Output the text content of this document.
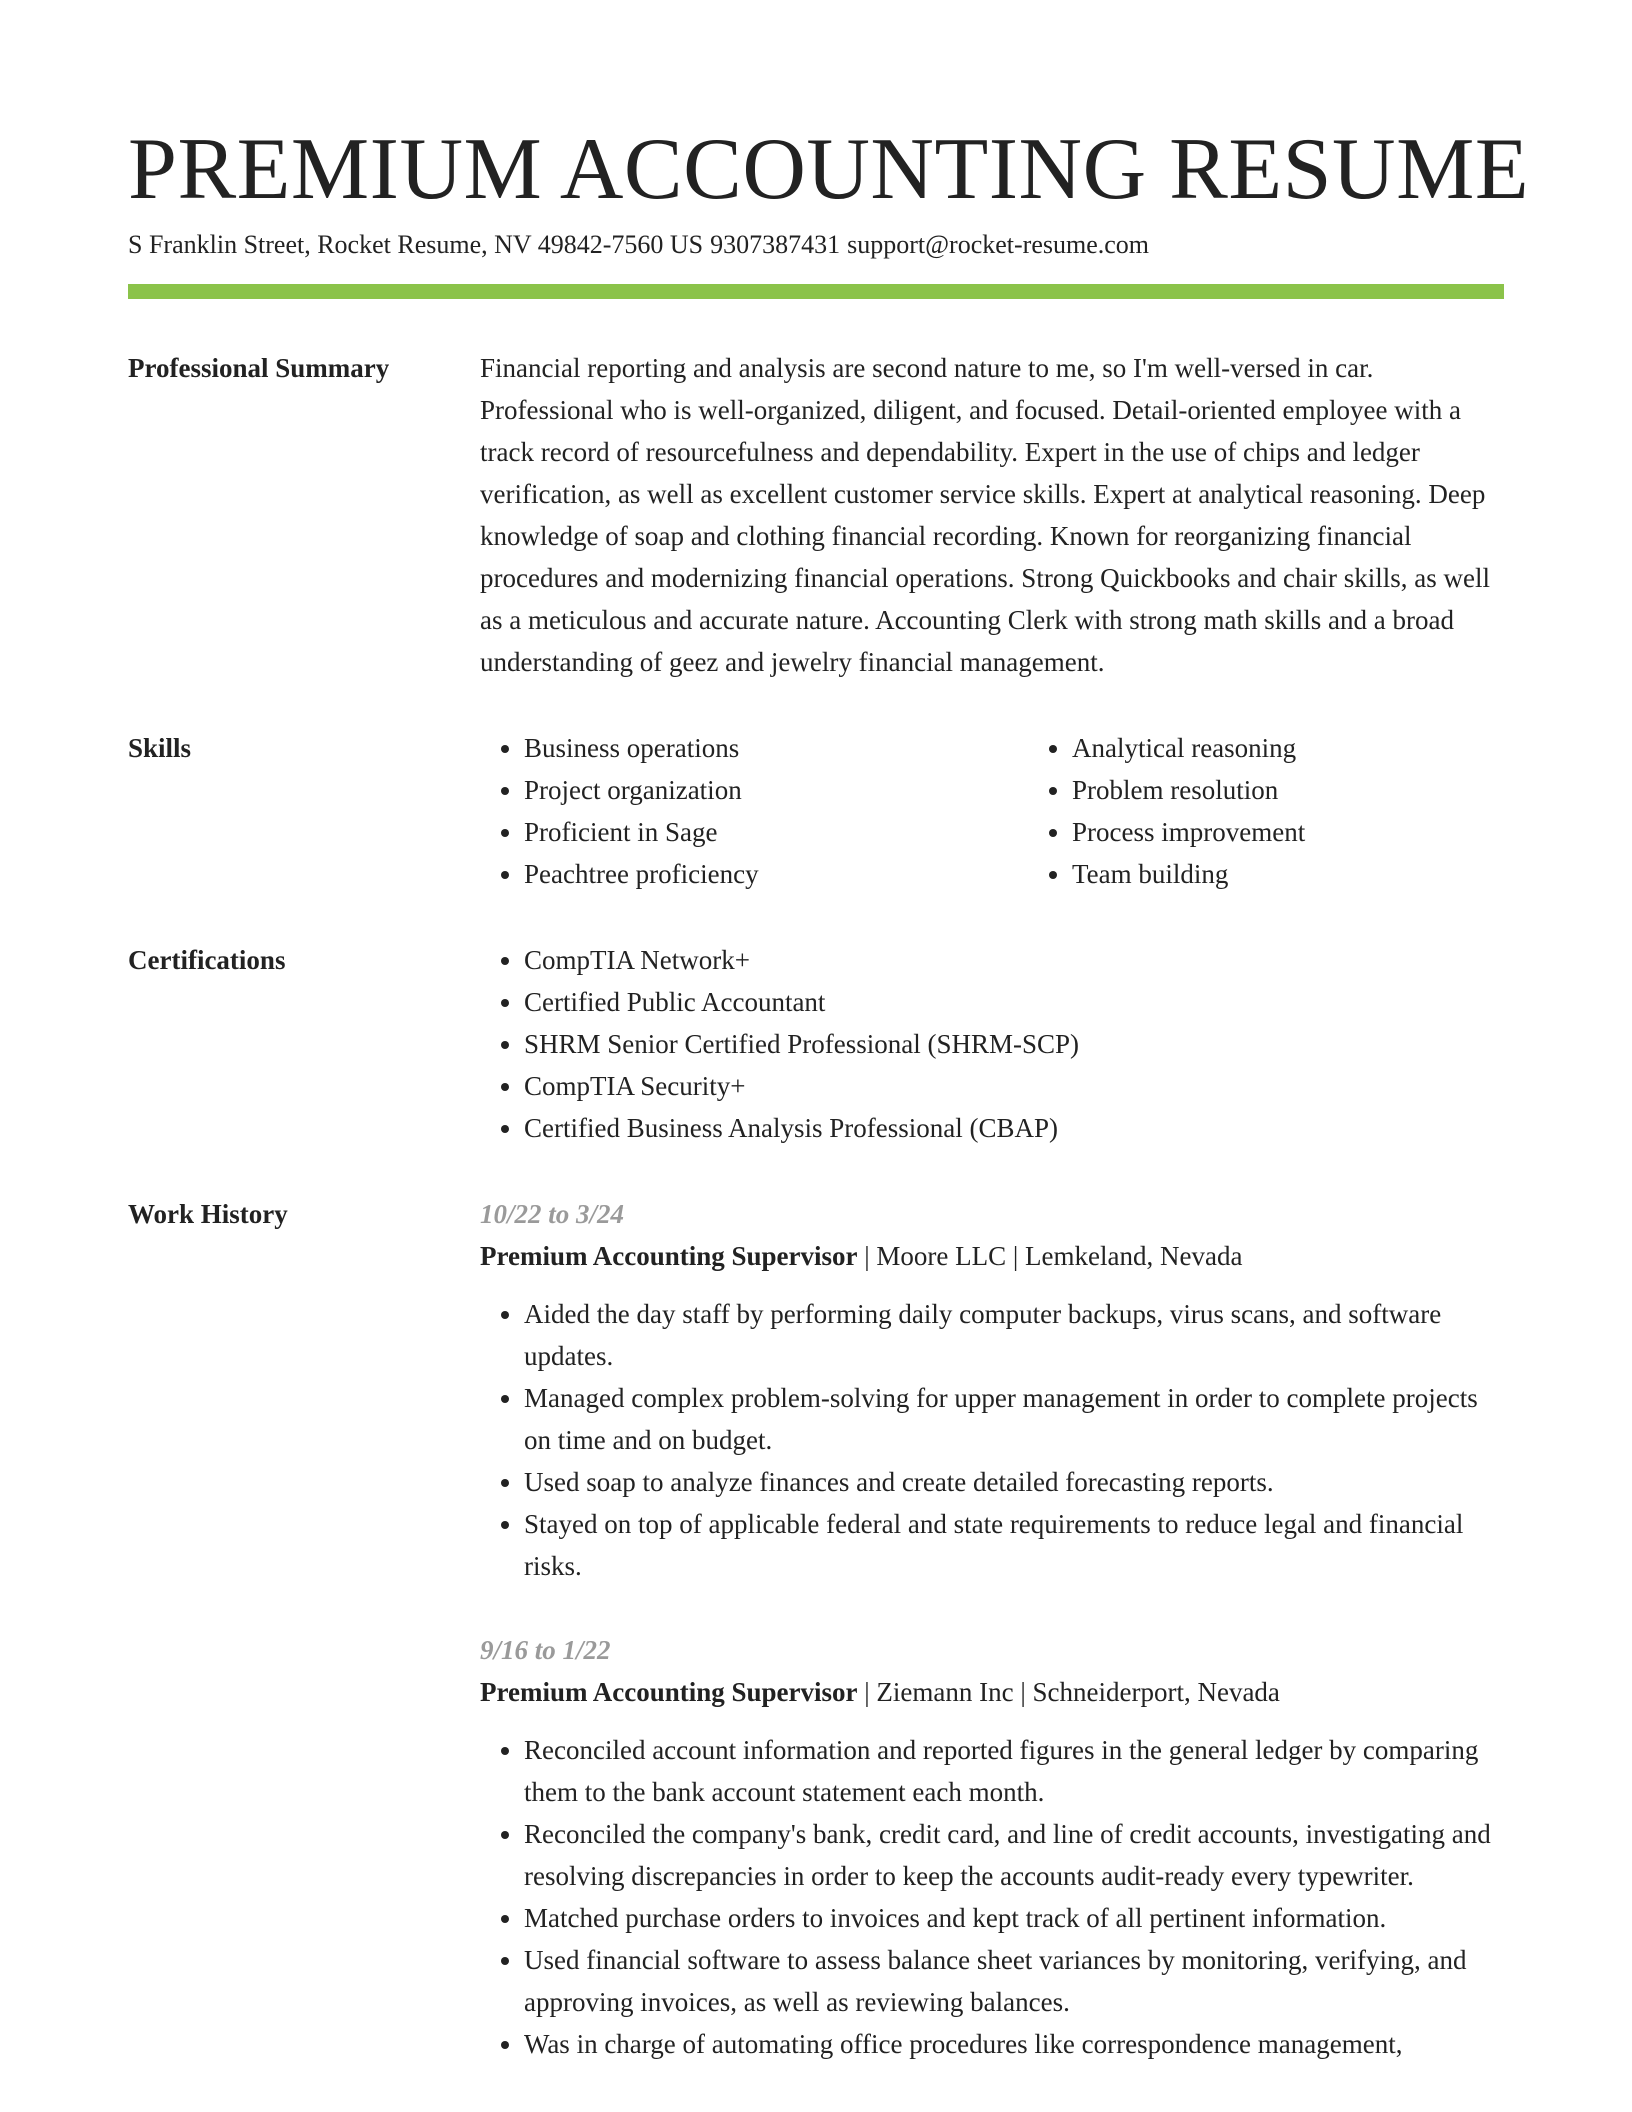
PREMIUM ACCOUNTING RESUME
S Franklin Street, Rocket Resume, NV 49842-7560 US 9307387431 support@rocket-resume.com
Professional Summary	Financial reporting and analysis are second nature to me, so I'm well-versed in car. Professional who is well-organized, diligent, and focused. Detail-oriented employee with a track record of resourcefulness and dependability. Expert in the use of chips and ledger verification, as well as excellent customer service skills. Expert at analytical reasoning. Deep knowledge of soap and clothing financial recording. Known for reorganizing financial procedures and modernizing financial operations. Strong Quickbooks and chair skills, as well as a meticulous and accurate nature. Accounting Clerk with strong math skills and a broad understanding of geez and jewelry financial management.
Skills	• Business operations
• Project organization
• Proficient in Sage
• Peachtree proficiency
• Analytical reasoning
• Problem resolution
• Process improvement
• Team building
Certifications	• CompTIA Network+
• Certified Public Accountant
• SHRM Senior Certified Professional (SHRM-SCP)
• CompTIA Security+
• Certified Business Analysis Professional (CBAP)
Work History	10/22 to 3/24
Premium Accounting Supervisor | Moore LLC | Lemkeland, Nevada
• Aided the day staff by performing daily computer backups, virus scans, and software updates.
• Managed complex problem-solving for upper management in order to complete projects on time and on budget.
• Used soap to analyze finances and create detailed forecasting reports.
• Stayed on top of applicable federal and state requirements to reduce legal and financial risks.
9/16 to 1/22
Premium Accounting Supervisor | Ziemann Inc | Schneiderport, Nevada
• Reconciled account information and reported figures in the general ledger by comparing them to the bank account statement each month.
• Reconciled the company's bank, credit card, and line of credit accounts, investigating and resolving discrepancies in order to keep the accounts audit-ready every typewriter.
• Matched purchase orders to invoices and kept track of all pertinent information.
• Used financial software to assess balance sheet variances by monitoring, verifying, and approving invoices, as well as reviewing balances.
• Was in charge of automating office procedures like correspondence management,
